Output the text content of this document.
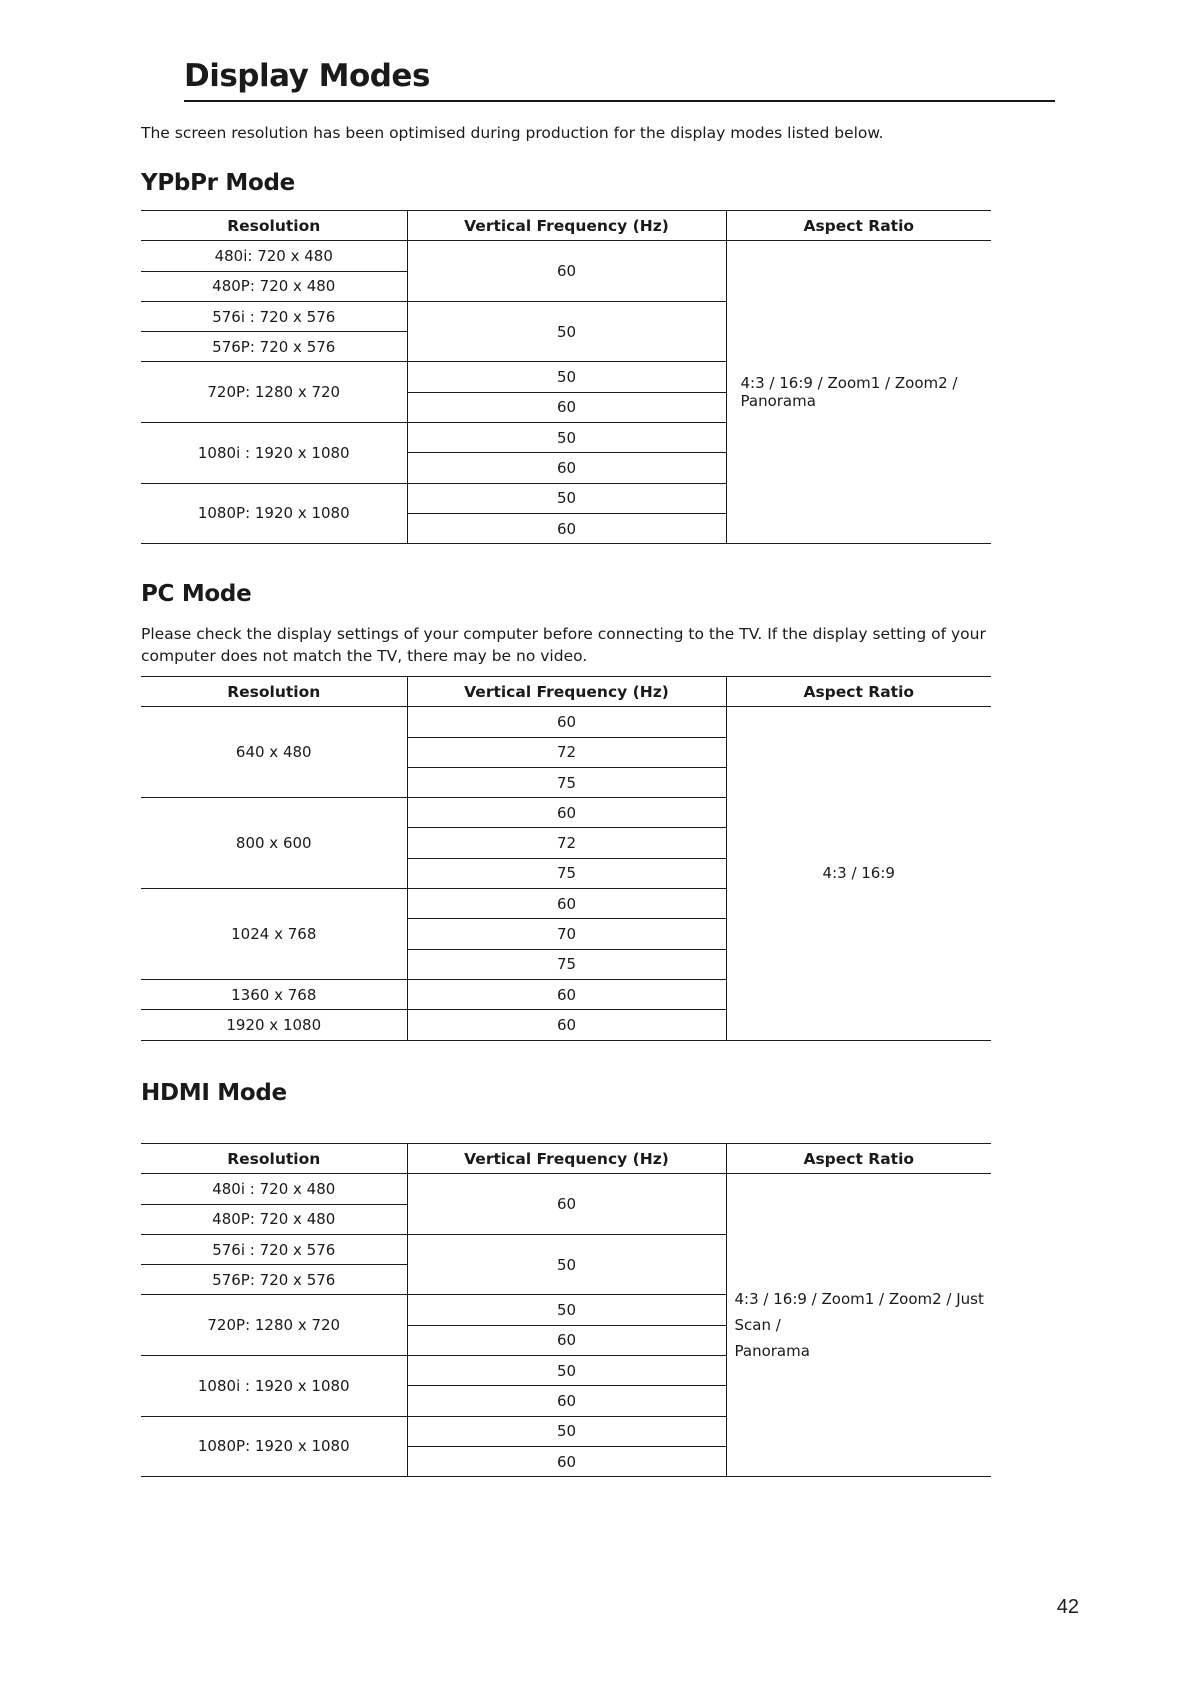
Display Modes
The screen resolution has been optimised during production for the display modes listed below.
YPbPr Mode
Resolution	Vertical Frequency (Hz)	Aspect Ratio
480i: 720 x 480	60	4:3 / 16:9 / Zoom1 / Zoom2 / Panorama
480P: 720 x 480		
576i : 720 x 576	50	
576P: 720 x 576		
720P: 1280 x 720	50	
	60	
1080i : 1920 x 1080	50	
	60	
1080P: 1920 x 1080	50	
	60	
PC Mode
Please check the display settings of your computer before connecting to the TV. If the display setting of your computer does not match the TV, there may be no video.
Resolution	Vertical Frequency (Hz)	Aspect Ratio
640 x 480	60	4:3 / 16:9
	72	
	75	
800 x 600	60	
	72	
	75	
1024 x 768	60	
	70	
	75	
1360 x 768	60	
1920 x 1080	60	
HDMI Mode
Resolution	Vertical Frequency (Hz)	Aspect Ratio
480i : 720 x 480	60	4:3 / 16:9 / Zoom1 / Zoom2 / Just Scan /
Panorama
480P: 720 x 480		
576i : 720 x 576	50	
576P: 720 x 576		
720P: 1280 x 720	50	
	60	
1080i : 1920 x 1080	50	
	60	
1080P: 1920 x 1080	50	
	60	
42
